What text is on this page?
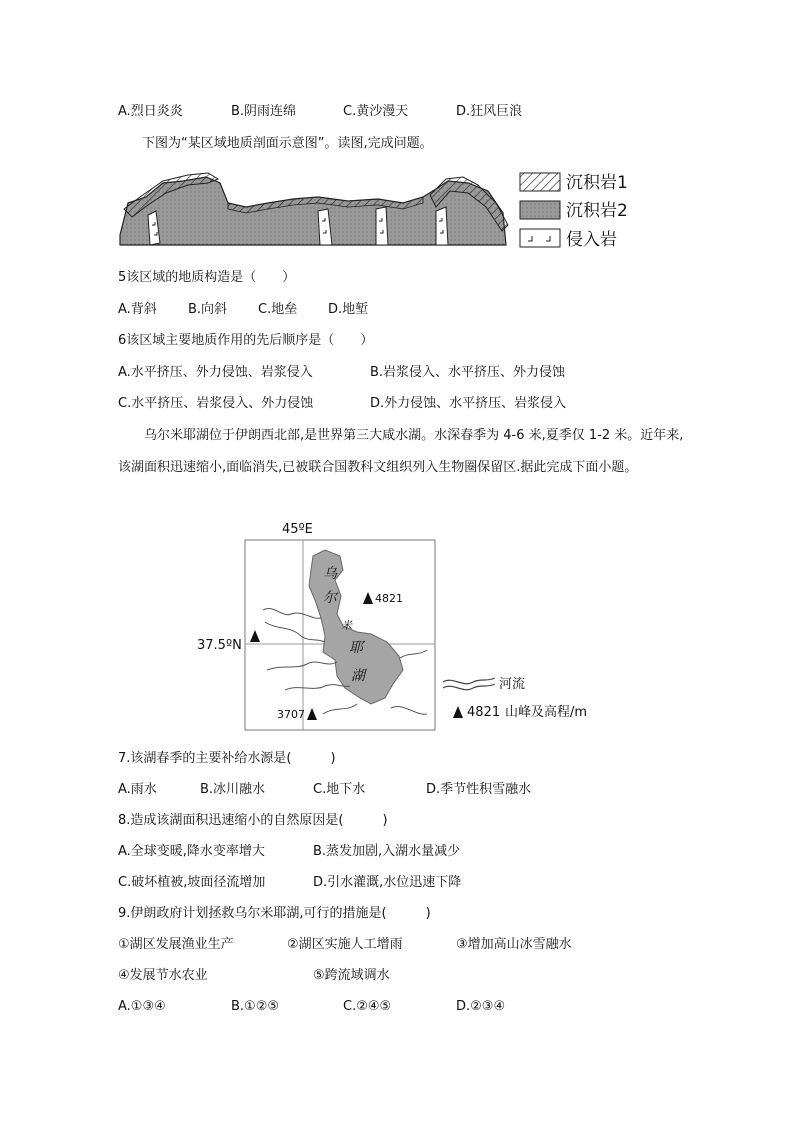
A.烈日炎炎	B.阴雨连绵	C.黄沙漫天	D.狂风巨浪
下图为“某区域地质剖面示意图”。读图,完成问题。
沉积岩1
沉积岩2
侵入岩
5该区域的地质构造是（　　）
A.背斜 B.向斜 C.地垒 D.地堑
6该区域主要地质作用的先后顺序是（　　）
A.水平挤压、外力侵蚀、岩浆侵入	B.岩浆侵入、水平挤压、外力侵蚀
C.水平挤压、岩浆侵入、外力侵蚀	D.外力侵蚀、水平挤压、岩浆侵入
乌尔米耶湖位于伊朗西北部,是世界第三大咸水湖。水深春季为 4-6 米,夏季仅 1-2 米。近年来,该湖面积迅速缩小,面临消失,已被联合国教科文组织列入生物圈保留区.据此完成下面小题。
45ºE
37.5ºN
乌
尔
米
耶
湖
4821
3707
河流
4821 山峰及高程/m
7.该湖春季的主要补给水源是(　　　)
A.雨水	B.冰川融水	C.地下水	D.季节性积雪融水
8.造成该湖面积迅速缩小的自然原因是(　　　)
A.全球变暖,降水变率增大	B.蒸发加剧,入湖水量减少
C.破坏植被,坡面径流增加	D.引水灌溉,水位迅速下降
9.伊朗政府计划拯救乌尔米耶湖,可行的措施是(　　　)
①湖区发展渔业生产	②湖区实施人工增雨	③增加高山冰雪融水
④发展节水农业	⑤跨流域调水
A.①③④	B.①②⑤	C.②④⑤	D.②③④
